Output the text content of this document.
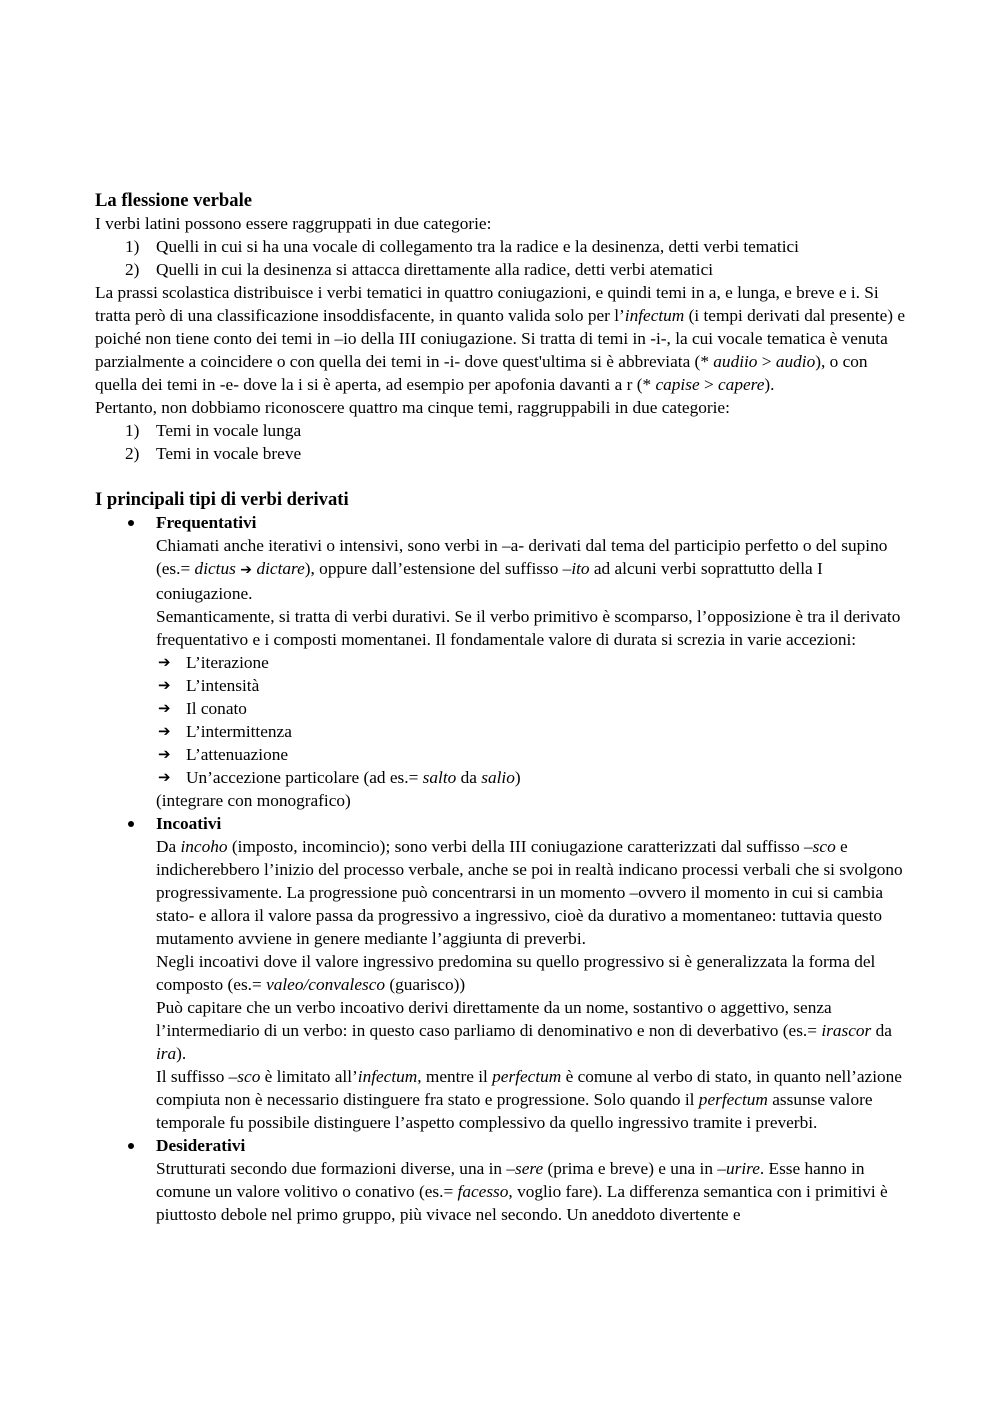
La flessione verbale

I verbi latini possono essere raggruppati in due categorie:

1) Quelli in cui si ha una vocale di collegamento tra la radice e la desinenza, detti verbi tematici
2) Quelli in cui la desinenza si attacca direttamente alla radice, detti verbi atematici

La prassi scolastica distribuisce i verbi tematici in quattro coniugazioni, e quindi temi in a, e lunga, e breve e i. Si tratta però di una classificazione insoddisfacente, in quanto valida solo per l’infectum (i tempi derivati dal presente) e poiché non tiene conto dei temi in –io della III coniugazione. Si tratta di temi in -i-, la cui vocale tematica è venuta parzialmente a coincidere o con quella dei temi in -i- dove quest'ultima si è abbreviata (* audiio > audio), o con quella dei temi in -e- dove la i si è aperta, ad esempio per apofonia davanti a r (* capise > capere).

Pertanto, non dobbiamo riconoscere quattro ma cinque temi, raggruppabili in due categorie:

1) Temi in vocale lunga
2) Temi in vocale breve
I principali tipi di verbi derivati
Frequentativi

Chiamati anche iterativi o intensivi, sono verbi in –a- derivati dal tema del participio perfetto o del supino (es.= dictus ➔ dictare), oppure dall’estensione del suffisso –ito ad alcuni verbi soprattutto della I coniugazione.

Semanticamente, si tratta di verbi durativi. Se il verbo primitivo è scomparso, l’opposizione è tra il derivato frequentativo e i composti momentanei. Il fondamentale valore di durata si screzia in varie accezioni:

➔ L’iterazione
➔ L’intensità
➔ Il conato
➔ L’intermittenza
➔ L’attenuazione
➔ Un’accezione particolare (ad es.= salto da salio)

(integrare con monografico)

Incoativi

Da incoho (imposto, incomincio); sono verbi della III coniugazione caratterizzati dal suffisso –sco e indicherebbero l’inizio del processo verbale, anche se poi in realtà indicano processi verbali che si svolgono progressivamente. La progressione può concentrarsi in un momento –ovvero il momento in cui si cambia stato- e allora il valore passa da progressivo a ingressivo, cioè da durativo a momentaneo: tuttavia questo mutamento avviene in genere mediante l’aggiunta di preverbi.

Negli incoativi dove il valore ingressivo predomina su quello progressivo si è generalizzata la forma del composto (es.= valeo/convalesco (guarisco))

Può capitare che un verbo incoativo derivi direttamente da un nome, sostantivo o aggettivo, senza l’intermediario di un verbo: in questo caso parliamo di denominativo e non di deverbativo (es.= irascor da ira).

Il suffisso –sco è limitato all’infectum, mentre il perfectum è comune al verbo di stato, in quanto nell’azione compiuta non è necessario distinguere fra stato e progressione. Solo quando il perfectum assunse valore temporale fu possibile distinguere l’aspetto complessivo da quello ingressivo tramite i preverbi.

Desiderativi

Strutturati secondo due formazioni diverse, una in –sere (prima e breve) e una in –urire. Esse hanno in comune un valore volitivo o conativo (es.= facesso, voglio fare). La differenza semantica con i primitivi è piuttosto debole nel primo gruppo, più vivace nel secondo. Un aneddoto divertente e
